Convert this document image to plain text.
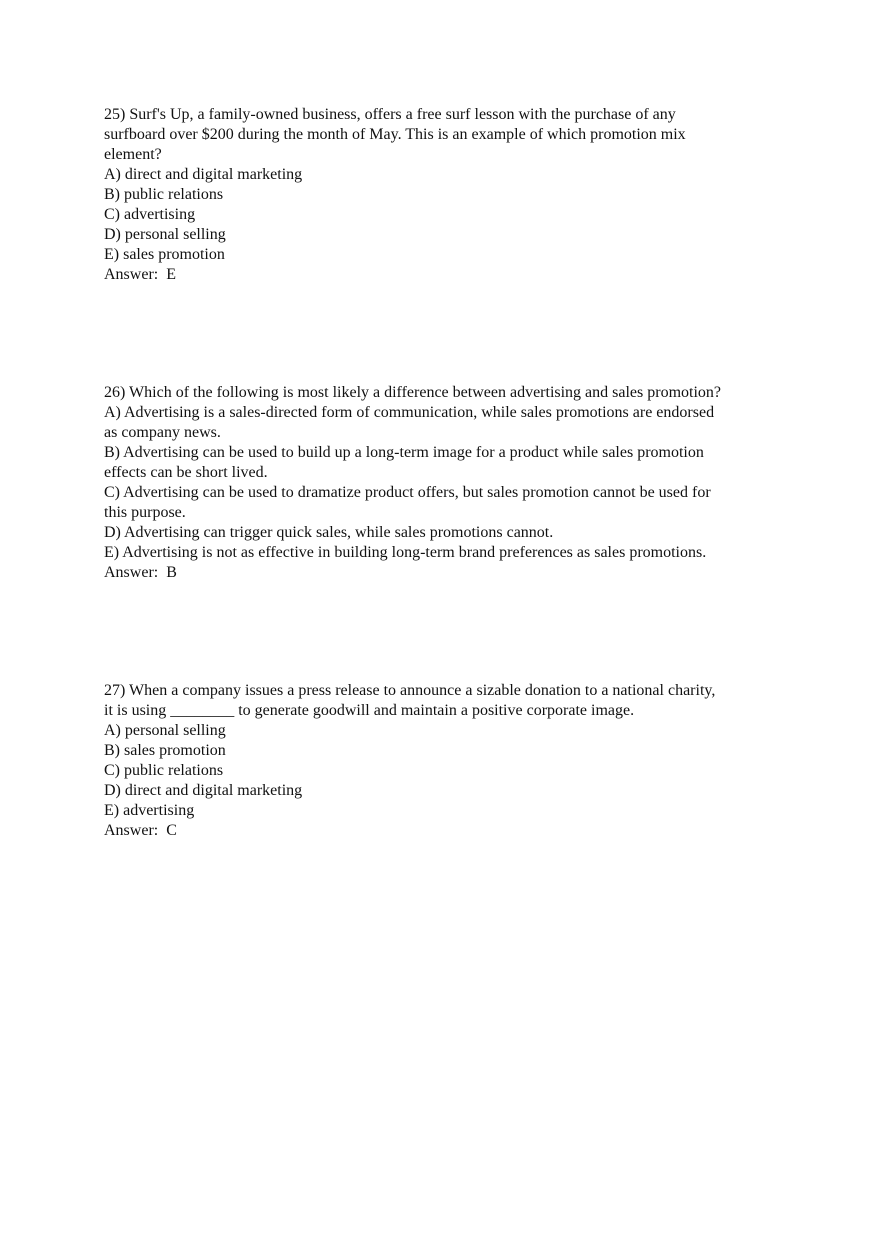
25) Surf's Up, a family-owned business, offers a free surf lesson with the purchase of any
surfboard over $200 during the month of May. This is an example of which promotion mix
element?
A) direct and digital marketing
B) public relations
C) advertising
D) personal selling
E) sales promotion
Answer:  E
26) Which of the following is most likely a difference between advertising and sales promotion?
A) Advertising is a sales-directed form of communication, while sales promotions are endorsed
as company news.
B) Advertising can be used to build up a long-term image for a product while sales promotion
effects can be short lived.
C) Advertising can be used to dramatize product offers, but sales promotion cannot be used for
this purpose.
D) Advertising can trigger quick sales, while sales promotions cannot.
E) Advertising is not as effective in building long-term brand preferences as sales promotions.
Answer:  B
27) When a company issues a press release to announce a sizable donation to a national charity,
it is using ________ to generate goodwill and maintain a positive corporate image.
A) personal selling
B) sales promotion
C) public relations
D) direct and digital marketing
E) advertising
Answer:  C
